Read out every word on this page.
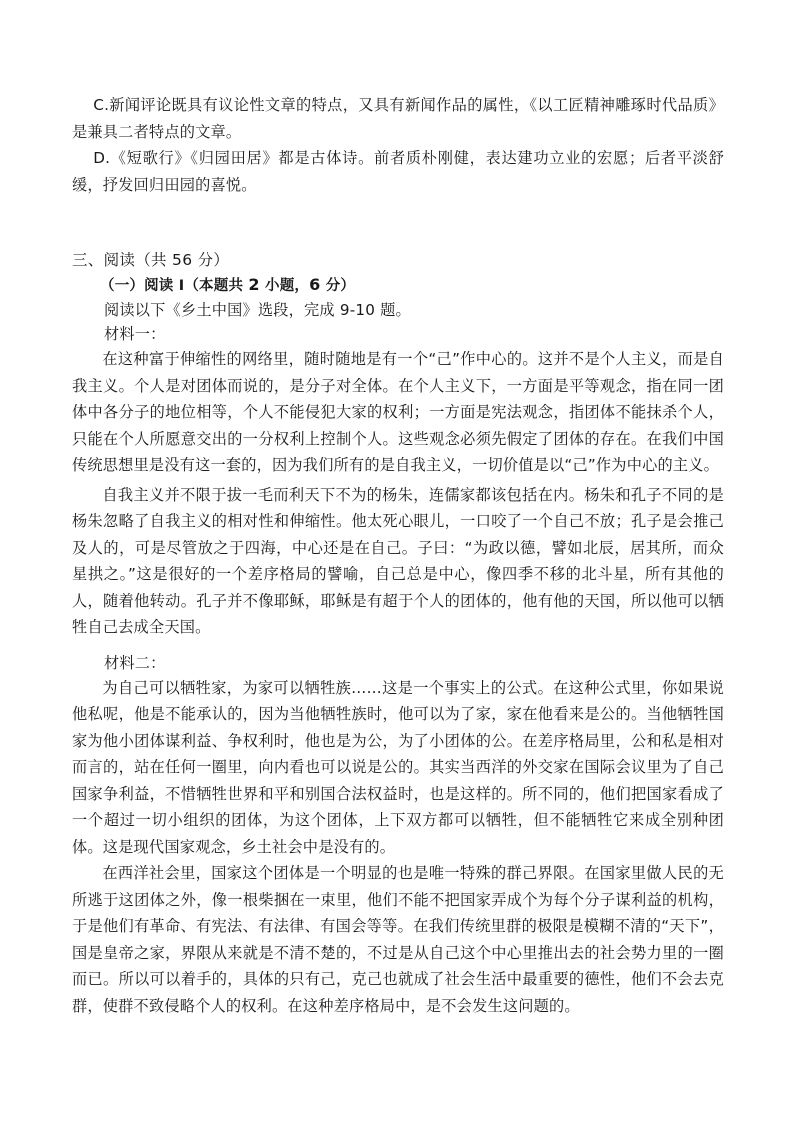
C.新闻评论既具有议论性文章的特点，又具有新闻作品的属性，《以工匠精神雕琢时代品质》是兼具二者特点的文章。

D.《短歌行》《归园田居》都是古体诗。前者质朴刚健，表达建功立业的宏愿；后者平淡舒缓，抒发回归田园的喜悦。

三、阅读（共 56 分）

（一）阅读 I（本题共 2 小题，6 分）

阅读以下《乡土中国》选段，完成 9-10 题。

材料一：

在这种富于伸缩性的网络里，随时随地是有一个“己”作中心的。这并不是个人主义，而是自我主义。个人是对团体而说的，是分子对全体。在个人主义下，一方面是平等观念，指在同一团体中各分子的地位相等，个人不能侵犯大家的权利；一方面是宪法观念，指团体不能抹杀个人，只能在个人所愿意交出的一分权利上控制个人。这些观念必须先假定了团体的存在。在我们中国传统思想里是没有这一套的，因为我们所有的是自我主义，一切价值是以“己”作为中心的主义。

自我主义并不限于拔一毛而利天下不为的杨朱，连儒家都该包括在内。杨朱和孔子不同的是杨朱忽略了自我主义的相对性和伸缩性。他太死心眼儿，一口咬了一个自己不放；孔子是会推己及人的，可是尽管放之于四海，中心还是在自己。子曰：“为政以德，譬如北辰，居其所，而众星拱之。”这是很好的一个差序格局的譬喻，自己总是中心，像四季不移的北斗星，所有其他的人，随着他转动。孔子并不像耶稣，耶稣是有超于个人的团体的，他有他的天国，所以他可以牺牲自己去成全天国。

材料二：

为自己可以牺牲家，为家可以牺牲族……这是一个事实上的公式。在这种公式里，你如果说他私呢，他是不能承认的，因为当他牺牲族时，他可以为了家，家在他看来是公的。当他牺牲国家为他小团体谋利益、争权利时，他也是为公，为了小团体的公。在差序格局里，公和私是相对而言的，站在任何一圈里，向内看也可以说是公的。其实当西洋的外交家在国际会议里为了自己国家争利益，不惜牺牲世界和平和别国合法权益时，也是这样的。所不同的，他们把国家看成了一个超过一切小组织的团体，为这个团体，上下双方都可以牺牲，但不能牺牲它来成全别种团体。这是现代国家观念，乡土社会中是没有的。

在西洋社会里，国家这个团体是一个明显的也是唯一特殊的群己界限。在国家里做人民的无所逃于这团体之外，像一根柴捆在一束里，他们不能不把国家弄成个为每个分子谋利益的机构，于是他们有革命、有宪法、有法律、有国会等等。在我们传统里群的极限是模糊不清的“天下”，国是皇帝之家，界限从来就是不清不楚的，不过是从自己这个中心里推出去的社会势力里的一圈而已。所以可以着手的，具体的只有己，克己也就成了社会生活中最重要的德性，他们不会去克群，使群不致侵略个人的权利。在这种差序格局中，是不会发生这问题的。
